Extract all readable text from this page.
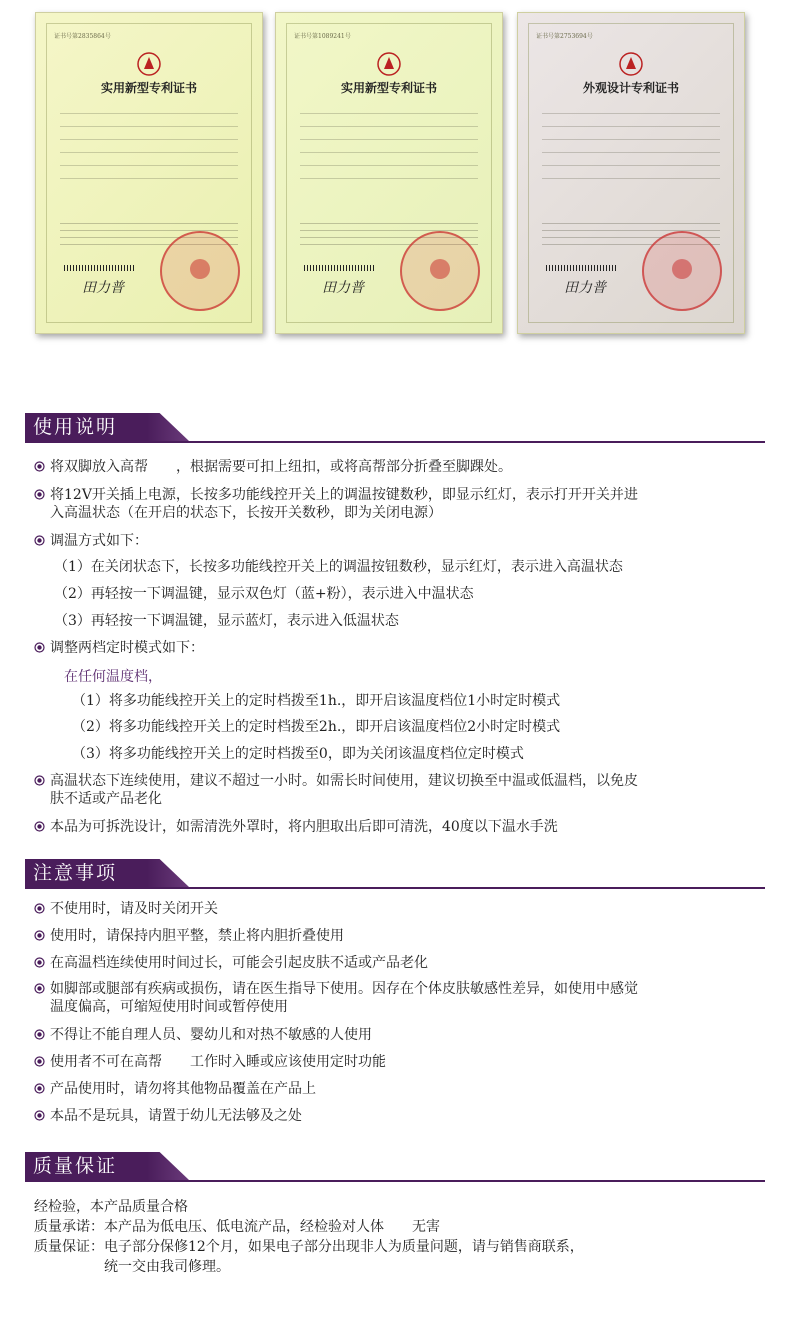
证书号第2835864号
实用新型专利证书
田力普
证书号第1089241号
实用新型专利证书
田力普
证书号第2753694号
外观设计专利证书
田力普
使用说明
将双脚放入高帮　　，根据需要可扣上纽扣，或将高帮部分折叠至脚踝处。
将12V开关插上电源，长按多功能线控开关上的调温按键数秒，即显示红灯，表示打开开关并进
入高温状态（在开启的状态下，长按开关数秒，即为关闭电源）
调温方式如下：
（1）在关闭状态下，长按多功能线控开关上的调温按钮数秒，显示红灯，表示进入高温状态
（2）再轻按一下调温键，显示双色灯（蓝+粉），表示进入中温状态
（3）再轻按一下调温键，显示蓝灯，表示进入低温状态
调整两档定时模式如下：
在任何温度档，
（1）将多功能线控开关上的定时档拨至1h.，即开启该温度档位1小时定时模式
（2）将多功能线控开关上的定时档拨至2h.，即开启该温度档位2小时定时模式
（3）将多功能线控开关上的定时档拨至0，即为关闭该温度档位定时模式
高温状态下连续使用，建议不超过一小时。如需长时间使用，建议切换至中温或低温档，以免皮
肤不适或产品老化
本品为可拆洗设计，如需清洗外罩时，将内胆取出后即可清洗，40度以下温水手洗
注意事项
不使用时，请及时关闭开关
使用时，请保持内胆平整，禁止将内胆折叠使用
在高温档连续使用时间过长，可能会引起皮肤不适或产品老化
如脚部或腿部有疾病或损伤，请在医生指导下使用。因存在个体皮肤敏感性差异，如使用中感觉
温度偏高，可缩短使用时间或暂停使用
不得让不能自理人员、婴幼儿和对热不敏感的人使用
使用者不可在高帮　　工作时入睡或应该使用定时功能
产品使用时，请勿将其他物品覆盖在产品上
本品不是玩具，请置于幼儿无法够及之处
质量保证
经检验，本产品质量合格
质量承诺：本产品为低电压、低电流产品，经检验对人体　　无害
质量保证：电子部分保修12个月，如果电子部分出现非人为质量问题，请与销售商联系，
　　　　　统一交由我司修理。
